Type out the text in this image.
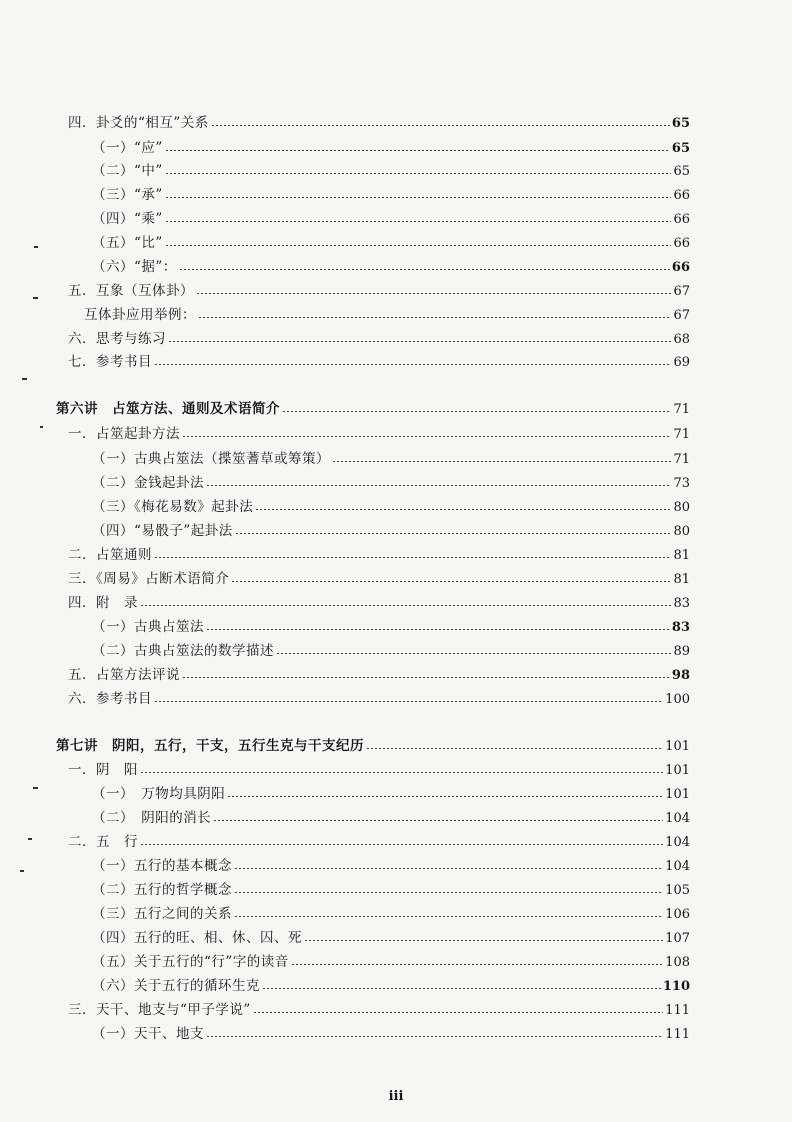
四．卦爻的“相互”关系	65
（一）“应”	65
（二）“中”	65
（三）“承”	66
（四）“乘”	66
（五）“比”	66
（六）“据”：	66
五．互象（互体卦）	67
互体卦应用举例：	67
六．思考与练习	68
七．参考书目	69
第六讲　占筮方法、通则及术语简介	71
一．占筮起卦方法	71
（一）古典占筮法（揲筮蓍草或筹策）	71
（二）金钱起卦法	73
（三）《梅花易数》起卦法	80
（四）“易骰子”起卦法	80
二．占筮通则	81
三．《周易》占断术语简介	81
四．附　录	83
（一）古典占筮法	83
（二）古典占筮法的数学描述	89
五．占筮方法评说	98
六．参考书目	100
第七讲　阴阳，五行，干支，五行生克与干支纪历	101
一．阴　阳	101
（一）　万物均具阴阳	101
（二）　阴阳的消长	104
二．五　行	104
（一）五行的基本概念	104
（二）五行的哲学概念	105
（三）五行之间的关系	106
（四）五行的旺、相、休、囚、死	107
（五）关于五行的“行”字的读音	108
（六）关于五行的循环生克	110
三．天干、地支与“甲子学说”	111
（一）天干、地支	111
iii
